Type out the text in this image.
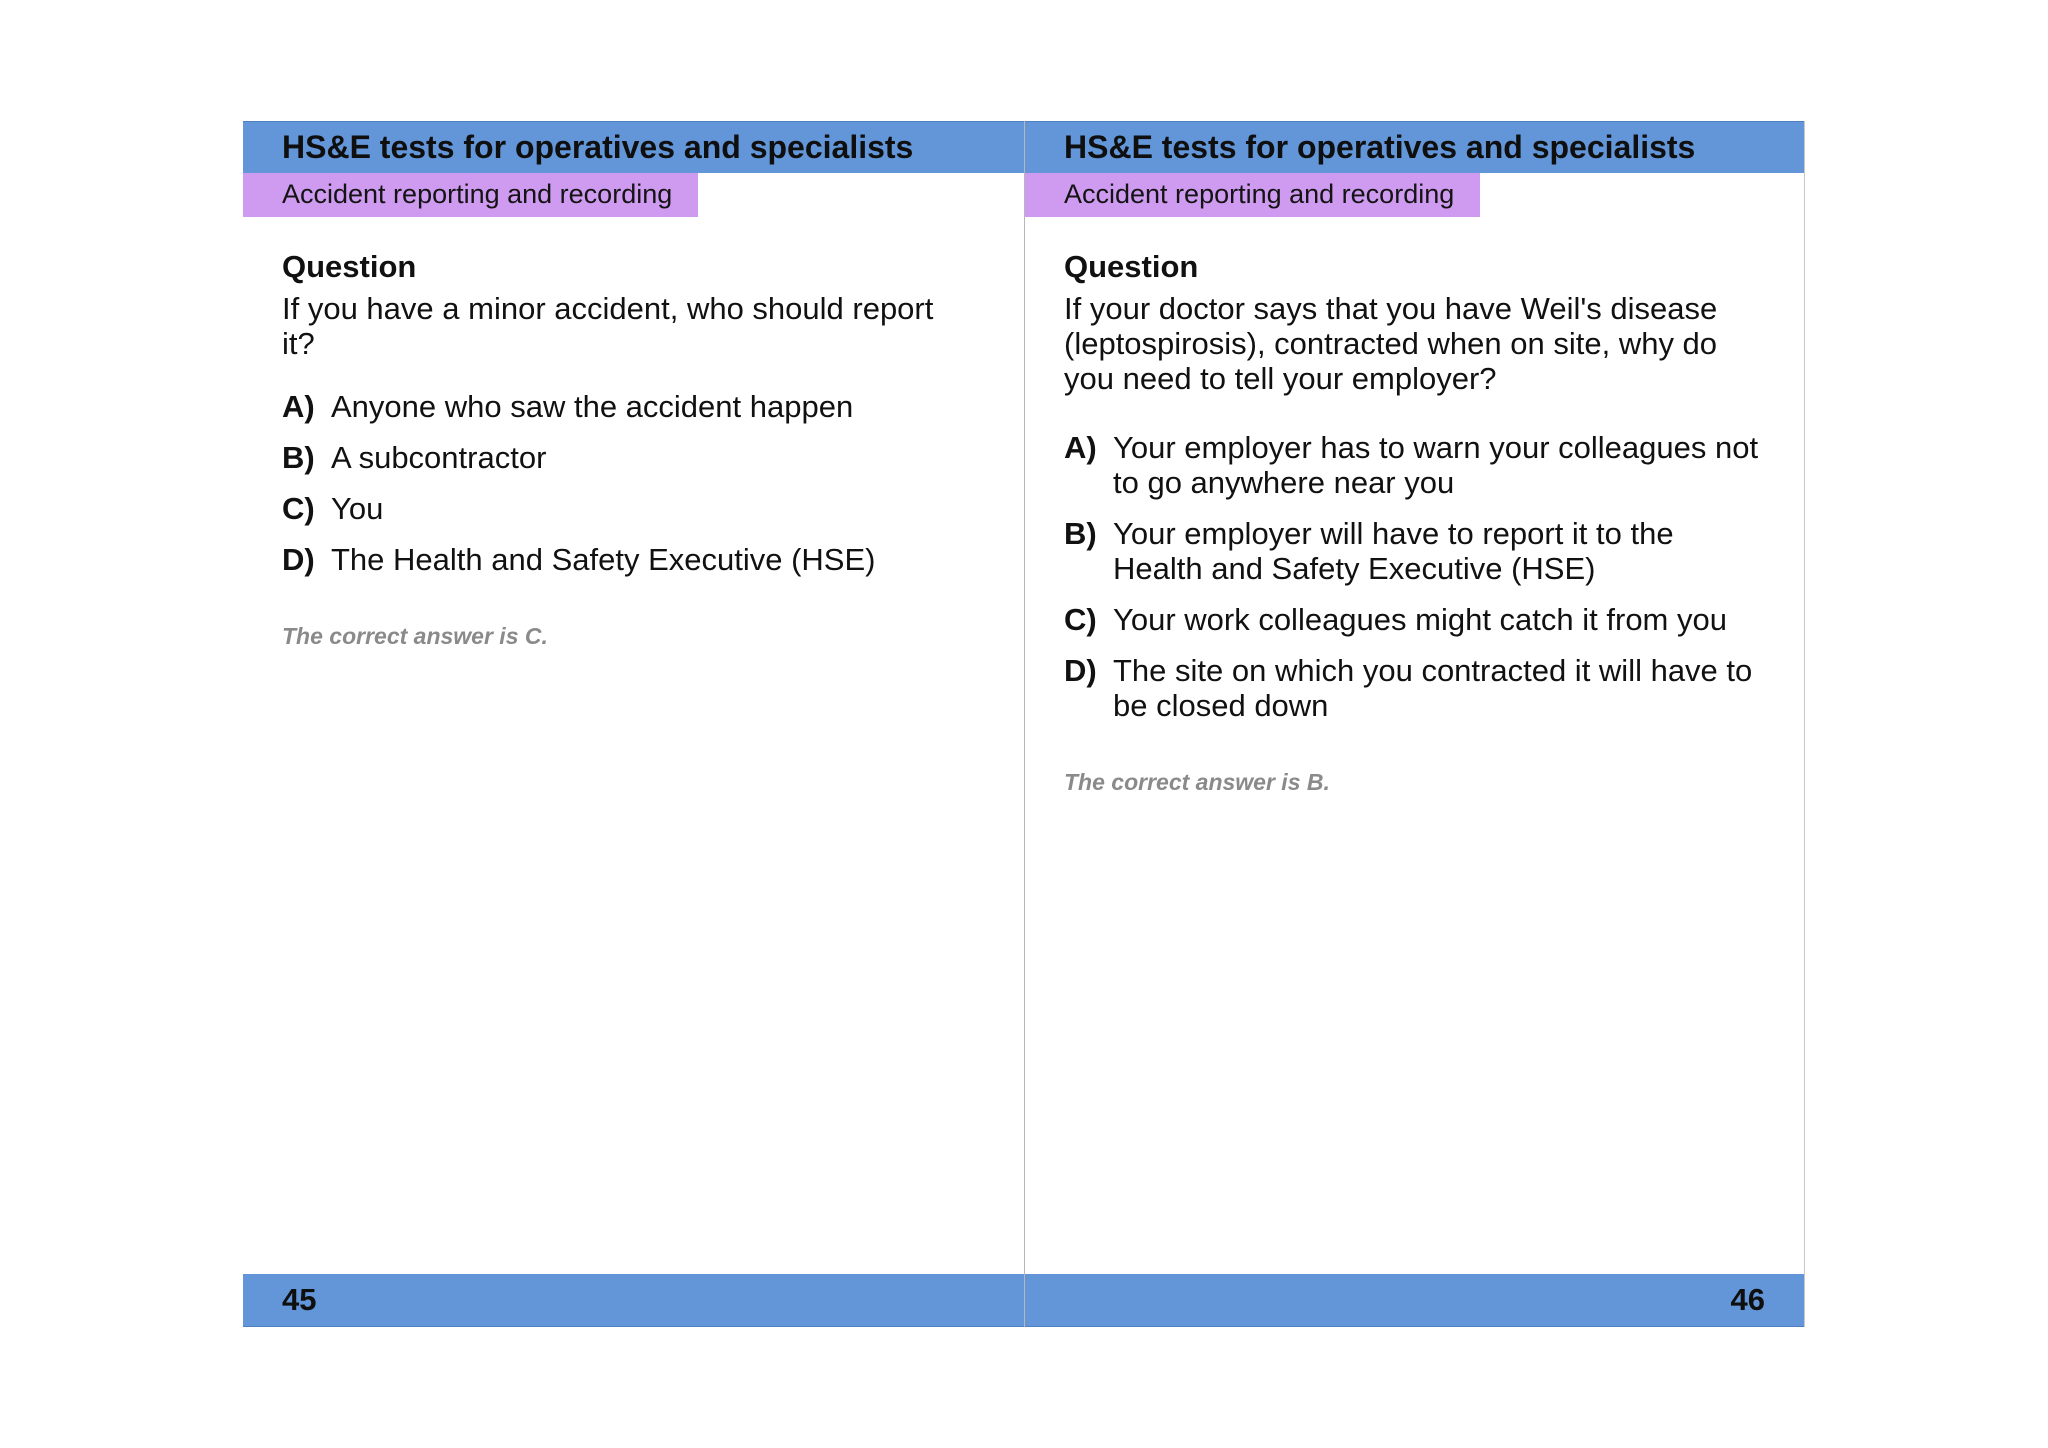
HS&E tests for operatives and specialists
Accident reporting and recording
Question
If you have a minor accident, who should report it?
A) Anyone who saw the accident happen
B) A subcontractor
C) You
D) The Health and Safety Executive (HSE)
The correct answer is C.
45
HS&E tests for operatives and specialists
Accident reporting and recording
Question
If your doctor says that you have Weil's disease (leptospirosis), contracted when on site, why do you need to tell your employer?
A) Your employer has to warn your colleagues not to go anywhere near you
B) Your employer will have to report it to the Health and Safety Executive (HSE)
C) Your work colleagues might catch it from you
D) The site on which you contracted it will have to be closed down
The correct answer is B.
46
